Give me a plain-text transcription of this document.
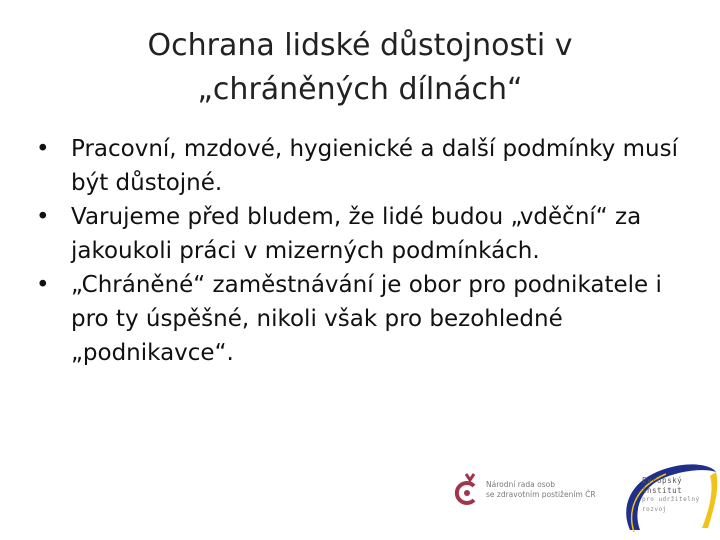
Ochrana lidské důstojnosti v
„chráněných dílnách“
• Pracovní, mzdové, hygienické a další podmínky musí být důstojné.
• Varujeme před bludem, že lidé budou „vděční“ za jakoukoli práci v mizerných podmínkách.
• „Chráněné“ zaměstnávání je obor pro podnikatele i pro ty úspěšné, nikoli však pro bezohledné „podnikavce“.
Národní rada osob
se zdravotním postižením ČR
Evropský
institut
pro udržitelný
rozvoj
